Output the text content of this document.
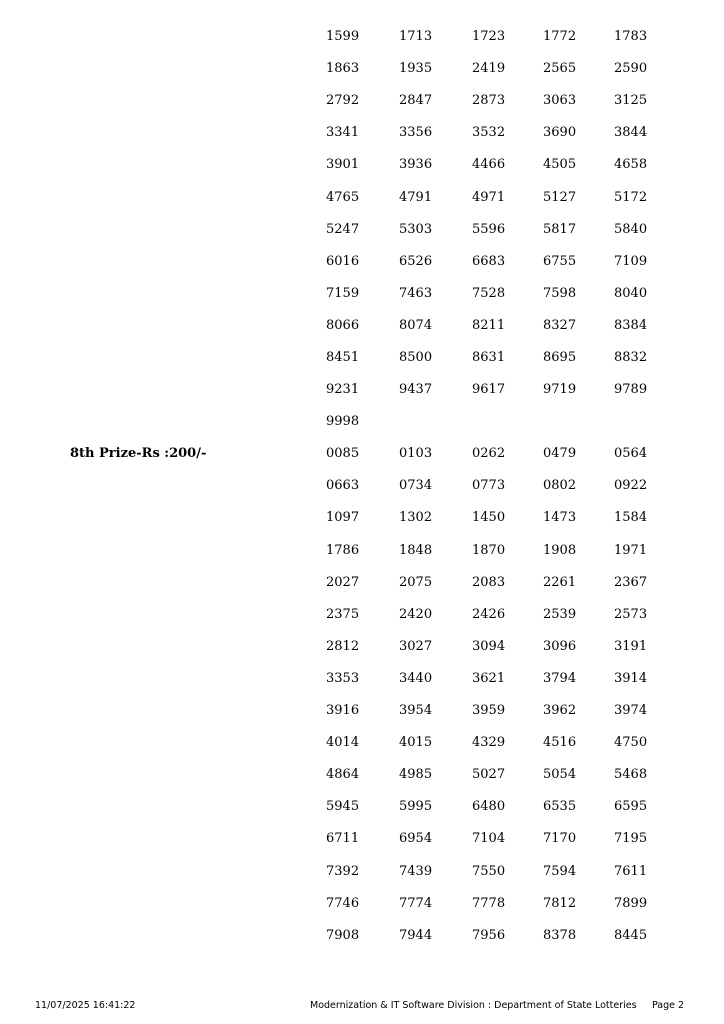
1599	1713	1723	1772	1783
1863	1935	2419	2565	2590
2792	2847	2873	3063	3125
3341	3356	3532	3690	3844
3901	3936	4466	4505	4658
4765	4791	4971	5127	5172
5247	5303	5596	5817	5840
6016	6526	6683	6755	7109
7159	7463	7528	7598	8040
8066	8074	8211	8327	8384
8451	8500	8631	8695	8832
9231	9437	9617	9719	9789
9998
8th Prize-Rs :200/-	0085	0103	0262	0479	0564
0663	0734	0773	0802	0922
1097	1302	1450	1473	1584
1786	1848	1870	1908	1971
2027	2075	2083	2261	2367
2375	2420	2426	2539	2573
2812	3027	3094	3096	3191
3353	3440	3621	3794	3914
3916	3954	3959	3962	3974
4014	4015	4329	4516	4750
4864	4985	5027	5054	5468
5945	5995	6480	6535	6595
6711	6954	7104	7170	7195
7392	7439	7550	7594	7611
7746	7774	7778	7812	7899
7908	7944	7956	8378	8445
11/07/2025 16:41:22	Modernization & IT Software Division : Department of State Lotteries Page 2
